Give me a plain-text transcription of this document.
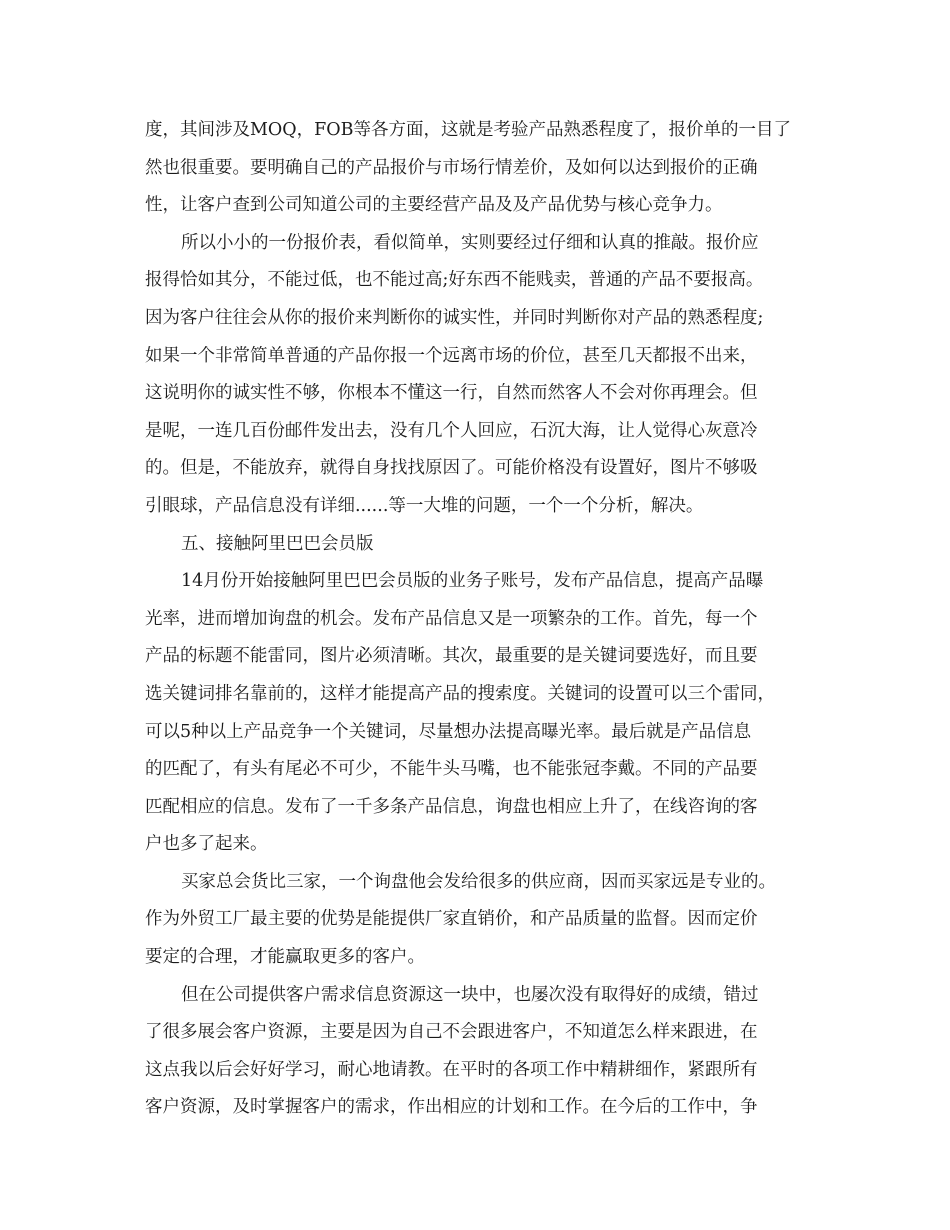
度，其间涉及MOQ，FOB等各方面，这就是考验产品熟悉程度了，报价单的一目了
然也很重要。要明确自己的产品报价与市场行情差价，及如何以达到报价的正确
性，让客户查到公司知道公司的主要经营产品及及产品优势与核心竞争力。
所以小小的一份报价表，看似简单，实则要经过仔细和认真的推敲。报价应
报得恰如其分，不能过低，也不能过高;好东西不能贱卖，普通的产品不要报高。
因为客户往往会从你的报价来判断你的诚实性，并同时判断你对产品的熟悉程度;
如果一个非常简单普通的产品你报一个远离市场的价位，甚至几天都报不出来，
这说明你的诚实性不够，你根本不懂这一行，自然而然客人不会对你再理会。但
是呢，一连几百份邮件发出去，没有几个人回应，石沉大海，让人觉得心灰意冷
的。但是，不能放弃，就得自身找找原因了。可能价格没有设置好，图片不够吸
引眼球，产品信息没有详细......等一大堆的问题，一个一个分析，解决。
五、接触阿里巴巴会员版
14月份开始接触阿里巴巴会员版的业务子账号，发布产品信息，提高产品曝
光率，进而增加询盘的机会。发布产品信息又是一项繁杂的工作。首先，每一个
产品的标题不能雷同，图片必须清晰。其次，最重要的是关键词要选好，而且要
选关键词排名靠前的，这样才能提高产品的搜索度。关键词的设置可以三个雷同，
可以5种以上产品竞争一个关键词，尽量想办法提高曝光率。最后就是产品信息
的匹配了，有头有尾必不可少，不能牛头马嘴，也不能张冠李戴。不同的产品要
匹配相应的信息。发布了一千多条产品信息，询盘也相应上升了，在线咨询的客
户也多了起来。
买家总会货比三家，一个询盘他会发给很多的供应商，因而买家远是专业的。
作为外贸工厂最主要的优势是能提供厂家直销价，和产品质量的监督。因而定价
要定的合理，才能赢取更多的客户。
但在公司提供客户需求信息资源这一块中，也屡次没有取得好的成绩，错过
了很多展会客户资源，主要是因为自己不会跟进客户，不知道怎么样来跟进，在
这点我以后会好好学习，耐心地请教。在平时的各项工作中精耕细作，紧跟所有
客户资源，及时掌握客户的需求，作出相应的计划和工作。在今后的工作中，争
